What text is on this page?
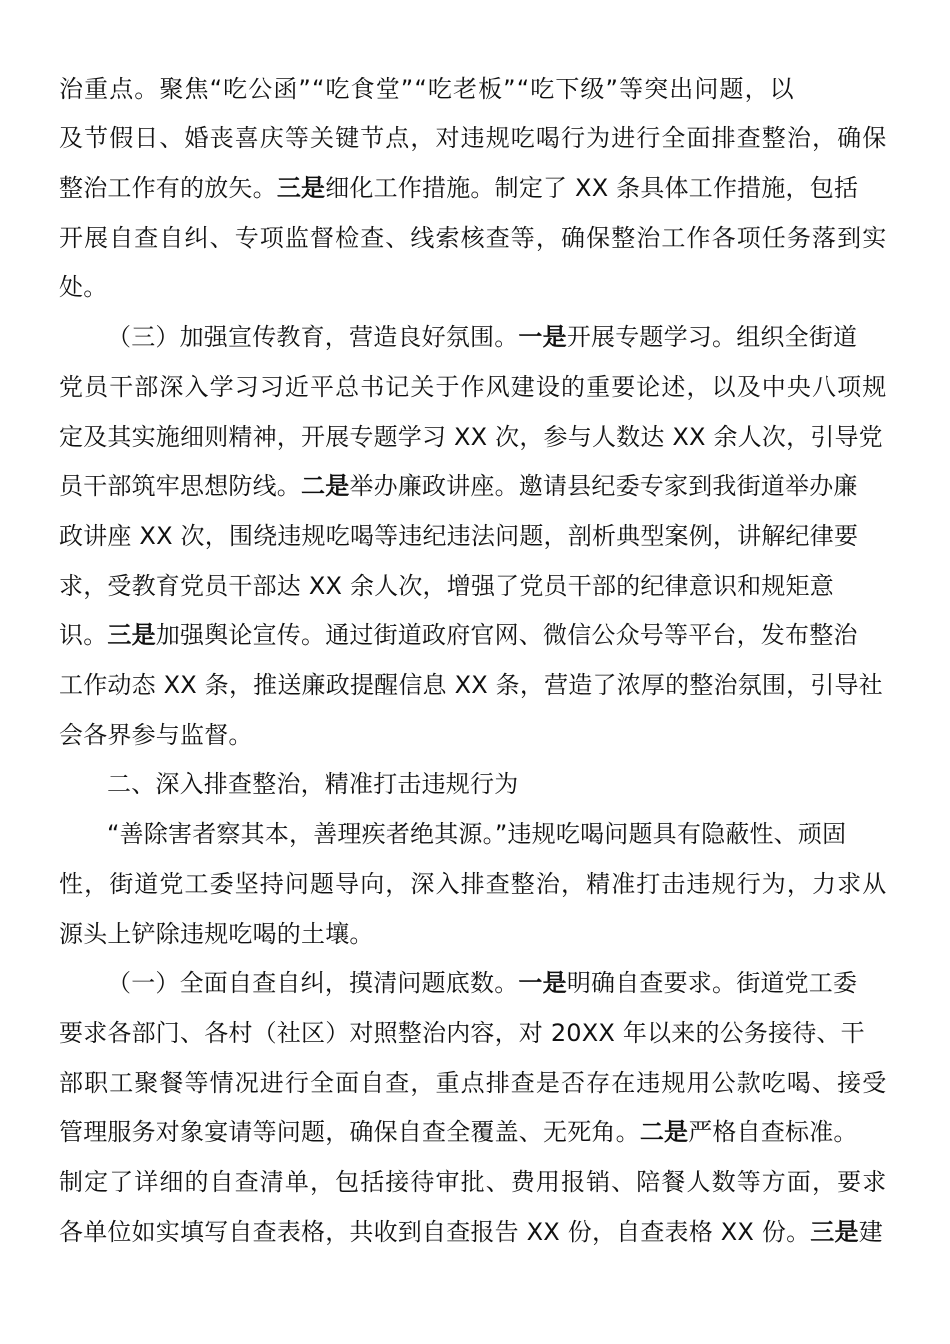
治重点。聚焦“吃公函”“吃食堂”“吃老板”“吃下级”等突出问题，以
及节假日、婚丧喜庆等关键节点，对违规吃喝行为进行全面排查整治，确保
整治工作有的放矢。三是细化工作措施。制定了 XX 条具体工作措施，包括
开展自查自纠、专项监督检查、线索核查等，确保整治工作各项任务落到实
处。
（三）加强宣传教育，营造良好氛围。一是开展专题学习。组织全街道
党员干部深入学习习近平总书记关于作风建设的重要论述，以及中央八项规
定及其实施细则精神，开展专题学习 XX 次，参与人数达 XX 余人次，引导党
员干部筑牢思想防线。二是举办廉政讲座。邀请县纪委专家到我街道举办廉
政讲座 XX 次，围绕违规吃喝等违纪违法问题，剖析典型案例，讲解纪律要
求，受教育党员干部达 XX 余人次，增强了党员干部的纪律意识和规矩意
识。三是加强舆论宣传。通过街道政府官网、微信公众号等平台，发布整治
工作动态 XX 条，推送廉政提醒信息 XX 条，营造了浓厚的整治氛围，引导社
会各界参与监督。
二、深入排查整治，精准打击违规行为
“善除害者察其本，善理疾者绝其源。”违规吃喝问题具有隐蔽性、顽固
性，街道党工委坚持问题导向，深入排查整治，精准打击违规行为，力求从
源头上铲除违规吃喝的土壤。
（一）全面自查自纠，摸清问题底数。一是明确自查要求。街道党工委
要求各部门、各村（社区）对照整治内容，对 20XX 年以来的公务接待、干
部职工聚餐等情况进行全面自查，重点排查是否存在违规用公款吃喝、接受
管理服务对象宴请等问题，确保自查全覆盖、无死角。二是严格自查标准。
制定了详细的自查清单，包括接待审批、费用报销、陪餐人数等方面，要求
各单位如实填写自查表格，共收到自查报告 XX 份，自查表格 XX 份。三是建
